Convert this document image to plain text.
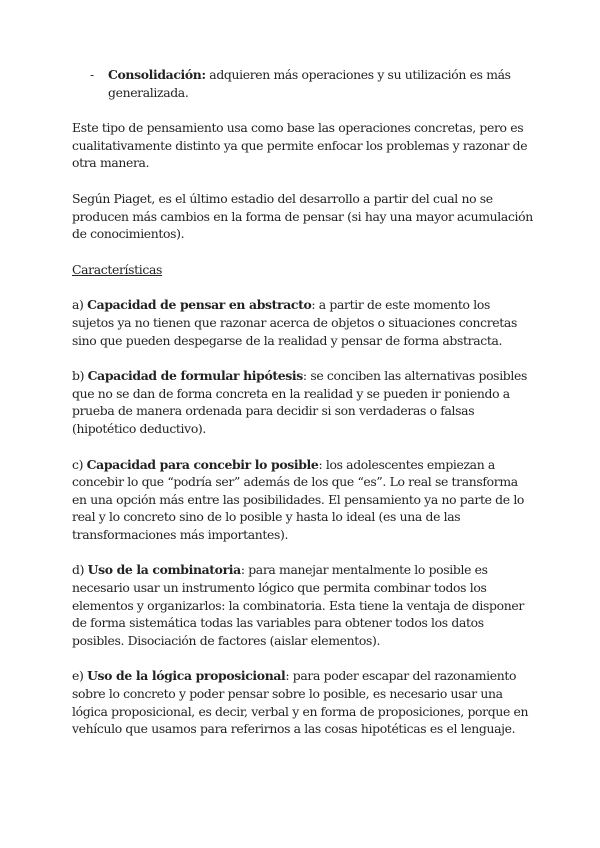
-	Consolidación: adquieren más operaciones y su utilización es más generalizada.

Este tipo de pensamiento usa como base las operaciones concretas, pero es cualitativamente distinto ya que permite enfocar los problemas y razonar de otra manera.

Según Piaget, es el último estadio del desarrollo a partir del cual no se producen más cambios en la forma de pensar (si hay una mayor acumulación de conocimientos).

Características

a) Capacidad de pensar en abstracto: a partir de este momento los sujetos ya no tienen que razonar acerca de objetos o situaciones concretas sino que pueden despegarse de la realidad y pensar de forma abstracta.

b) Capacidad de formular hipótesis: se conciben las alternativas posibles que no se dan de forma concreta en la realidad y se pueden ir poniendo a prueba de manera ordenada para decidir si son verdaderas o falsas (hipotético deductivo).

c) Capacidad para concebir lo posible: los adolescentes empiezan a concebir lo que “podría ser” además de los que “es”. Lo real se transforma en una opción más entre las posibilidades. El pensamiento ya no parte de lo real y lo concreto sino de lo posible y hasta lo ideal (es una de las transformaciones más importantes).

d) Uso de la combinatoria: para manejar mentalmente lo posible es necesario usar un instrumento lógico que permita combinar todos los elementos y organizarlos: la combinatoria. Esta tiene la ventaja de disponer de forma sistemática todas las variables para obtener todos los datos posibles. Disociación de factores (aislar elementos).

e) Uso de la lógica proposicional: para poder escapar del razonamiento sobre lo concreto y poder pensar sobre lo posible, es necesario usar una lógica proposicional, es decir, verbal y en forma de proposiciones, porque en vehículo que usamos para referirnos a las cosas hipotéticas es el lenguaje.
